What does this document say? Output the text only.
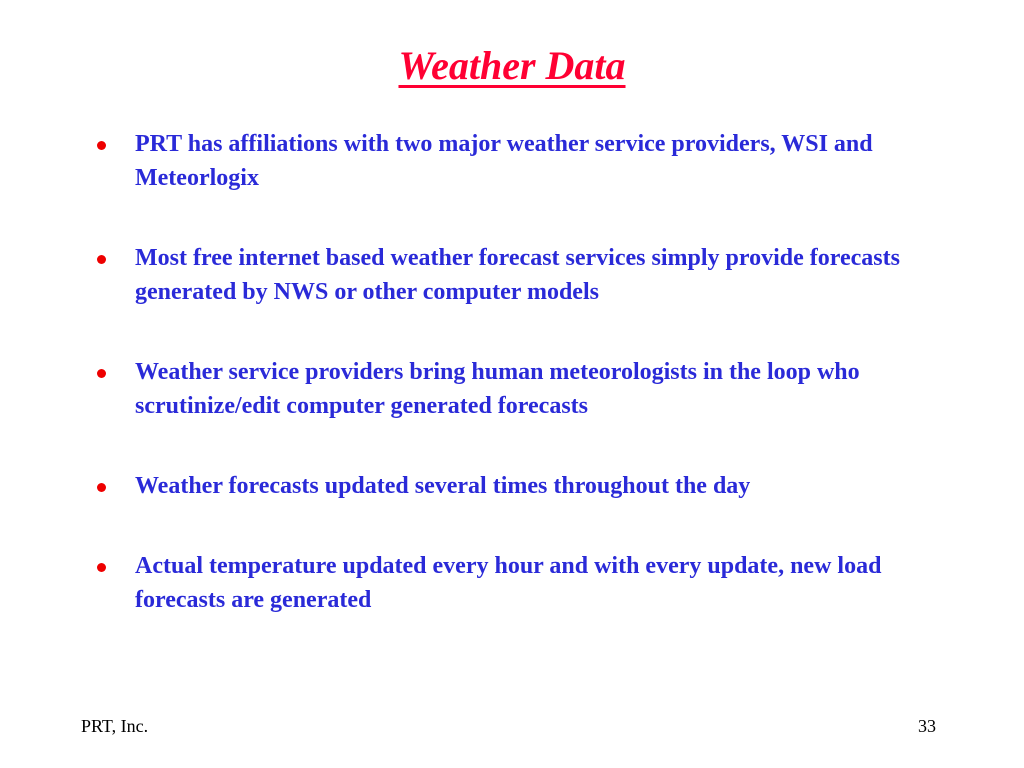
Weather Data
PRT has affiliations with two major weather service providers, WSI and Meteorlogix
Most free internet based weather forecast services simply provide forecasts generated by NWS or other computer models
Weather service providers bring human meteorologists in the loop who scrutinize/edit computer generated forecasts
Weather forecasts updated several times throughout the day
Actual temperature updated every hour and with every update, new load forecasts are generated
PRT, Inc.	33
